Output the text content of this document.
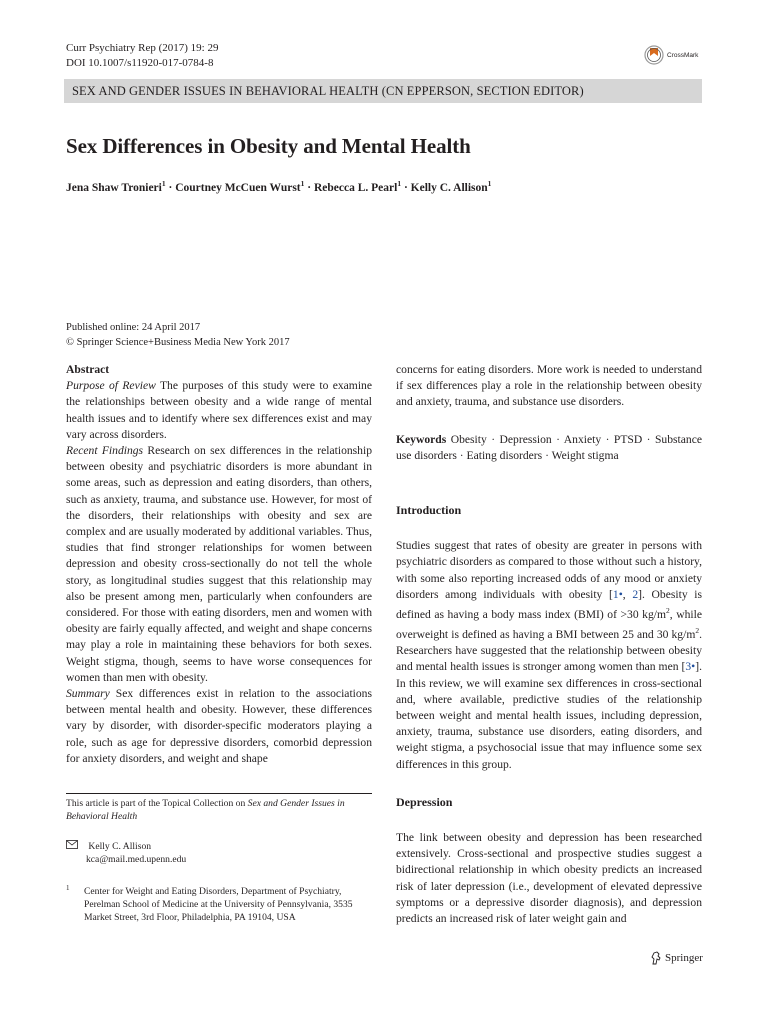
Curr Psychiatry Rep (2017) 19: 29
DOI 10.1007/s11920-017-0784-8
CrossMark
SEX AND GENDER ISSUES IN BEHAVIORAL HEALTH (CN EPPERSON, SECTION EDITOR)
Sex Differences in Obesity and Mental Health
Jena Shaw Tronieri$^1$ · Courtney McCuen Wurst$^1$ · Rebecca L. Pearl$^1$ · Kelly C. Allison$^1$
Published online: 24 April 2017
© Springer Science+Business Media New York 2017
Abstract
Purpose of Review The purposes of this study were to examine the relationships between obesity and a wide range of mental health issues and to identify where sex differences exist and may vary across disorders.
Recent Findings Research on sex differences in the relationship between obesity and psychiatric disorders is more abundant in some areas, such as depression and eating disorders, than others, such as anxiety, trauma, and substance use. However, for most of the disorders, their relationships with obesity and sex are complex and are usually moderated by additional variables. Thus, studies that find stronger relationships for women between depression and obesity cross-sectionally do not tell the whole story, as longitudinal studies suggest that this relationship may also be present among men, particularly when confounders are considered. For those with eating disorders, men and women with obesity are fairly equally affected, and weight and shape concerns may play a role in maintaining these behaviors for both sexes. Weight stigma, though, seems to have worse consequences for women than men with obesity.
Summary Sex differences exist in relation to the associations between mental health and obesity. However, these differences vary by disorder, with disorder-specific moderators playing a role, such as age for depressive disorders, comorbid depression for anxiety disorders, and weight and shape
This article is part of the Topical Collection on Sex and Gender Issues in Behavioral Health
Kelly C. Allison
kca@mail.med.upenn.edu
1	Center for Weight and Eating Disorders, Department of Psychiatry, Perelman School of Medicine at the University of Pennsylvania, 3535 Market Street, 3rd Floor, Philadelphia, PA 19104, USA
concerns for eating disorders. More work is needed to understand if sex differences play a role in the relationship between obesity and anxiety, trauma, and substance use disorders.
Keywords Obesity · Depression · Anxiety · PTSD · Substance use disorders · Eating disorders · Weight stigma
Introduction
Studies suggest that rates of obesity are greater in persons with psychiatric disorders as compared to those without such a history, with some also reporting increased odds of any mood or anxiety disorders among individuals with obesity [1•, 2]. Obesity is defined as having a body mass index (BMI) of >30 $kg/m^2$, while overweight is defined as having a BMI between 25 and 30 $kg/m^2$. Researchers have suggested that the relationship between obesity and mental health issues is stronger among women than men [3•]. In this review, we will examine sex differences in cross-sectional and, where available, predictive studies of the relationship between weight and mental health issues, including depression, anxiety, trauma, substance use disorders, eating disorders, and weight stigma, a psychosocial issue that may influence some sex differences in this group.
Depression
The link between obesity and depression has been researched extensively. Cross-sectional and prospective studies suggest a bidirectional relationship in which obesity predicts an increased risk of later depression (i.e., development of elevated depressive symptoms or a depressive disorder diagnosis), and depression predicts an increased risk of later weight gain and
Springer
